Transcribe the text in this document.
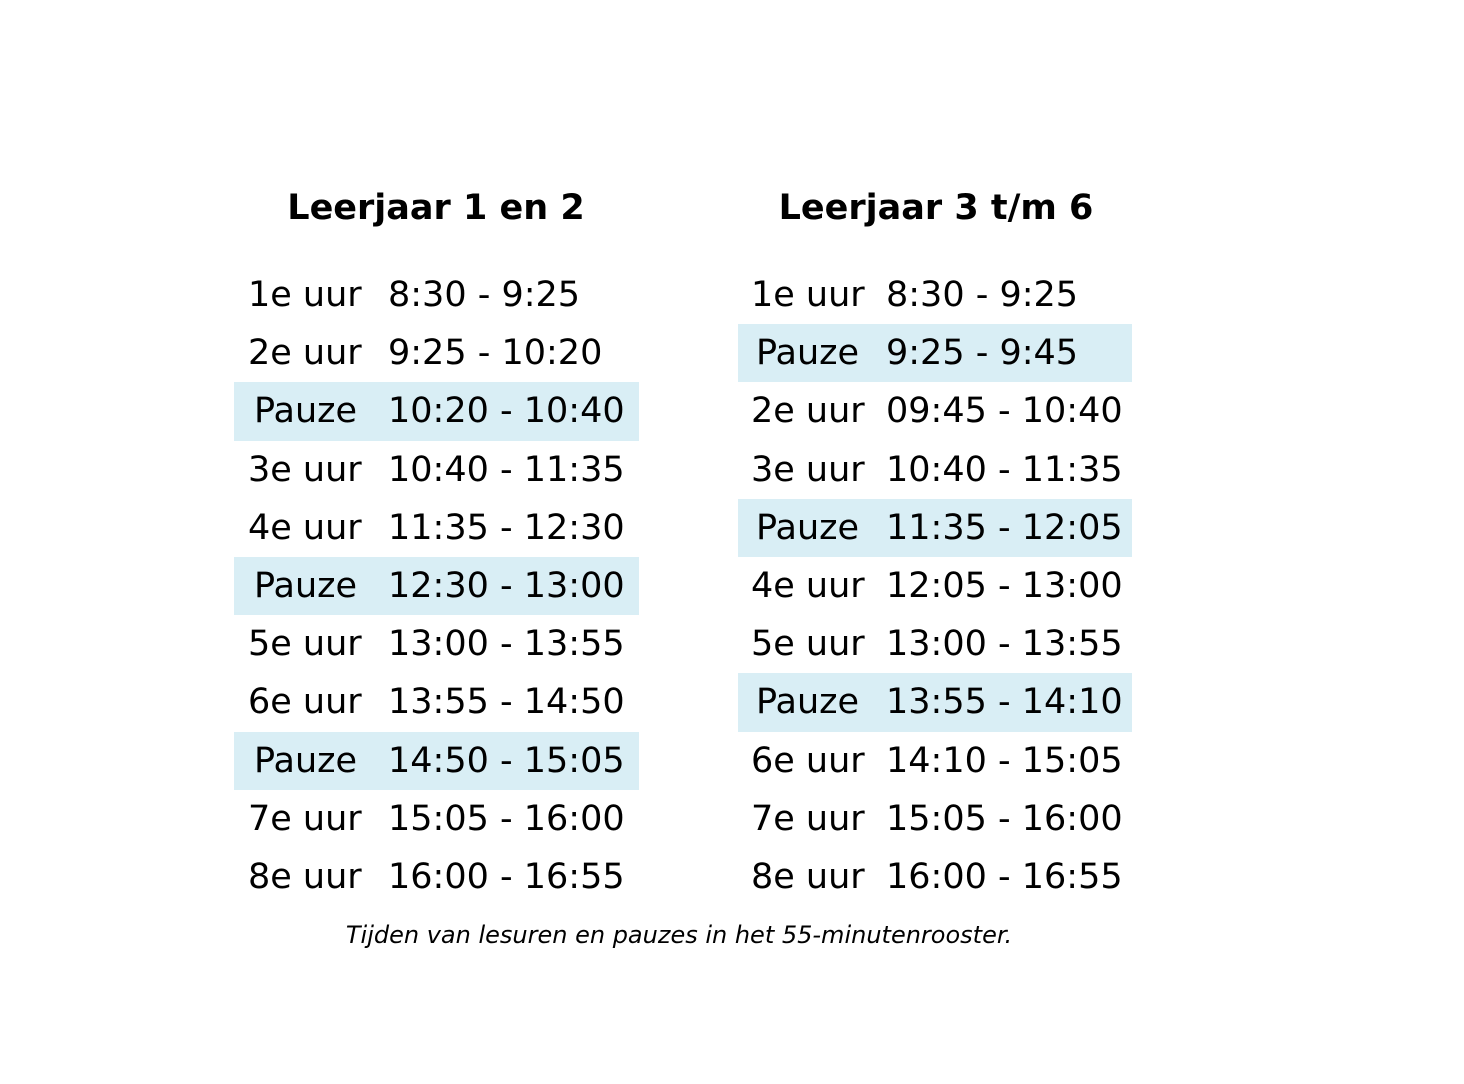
Leerjaar 1 en 2	Leerjaar 3 t/m 6
1e uur 8:30 - 9:25
2e uur 9:25 - 10:20
Pauze 10:20 - 10:40
3e uur 10:40 - 11:35
4e uur 11:35 - 12:30
Pauze 12:30 - 13:00
5e uur 13:00 - 13:55
6e uur 13:55 - 14:50
Pauze 14:50 - 15:05
7e uur 15:05 - 16:00
8e uur 16:00 - 16:55
1e uur 8:30 - 9:25
Pauze 9:25 - 9:45
2e uur 09:45 - 10:40
3e uur 10:40 - 11:35
Pauze 11:35 - 12:05
4e uur 12:05 - 13:00
5e uur 13:00 - 13:55
Pauze 13:55 - 14:10
6e uur 14:10 - 15:05
7e uur 15:05 - 16:00
8e uur 16:00 - 16:55
Tijden van lesuren en pauzes in het 55-minutenrooster.
